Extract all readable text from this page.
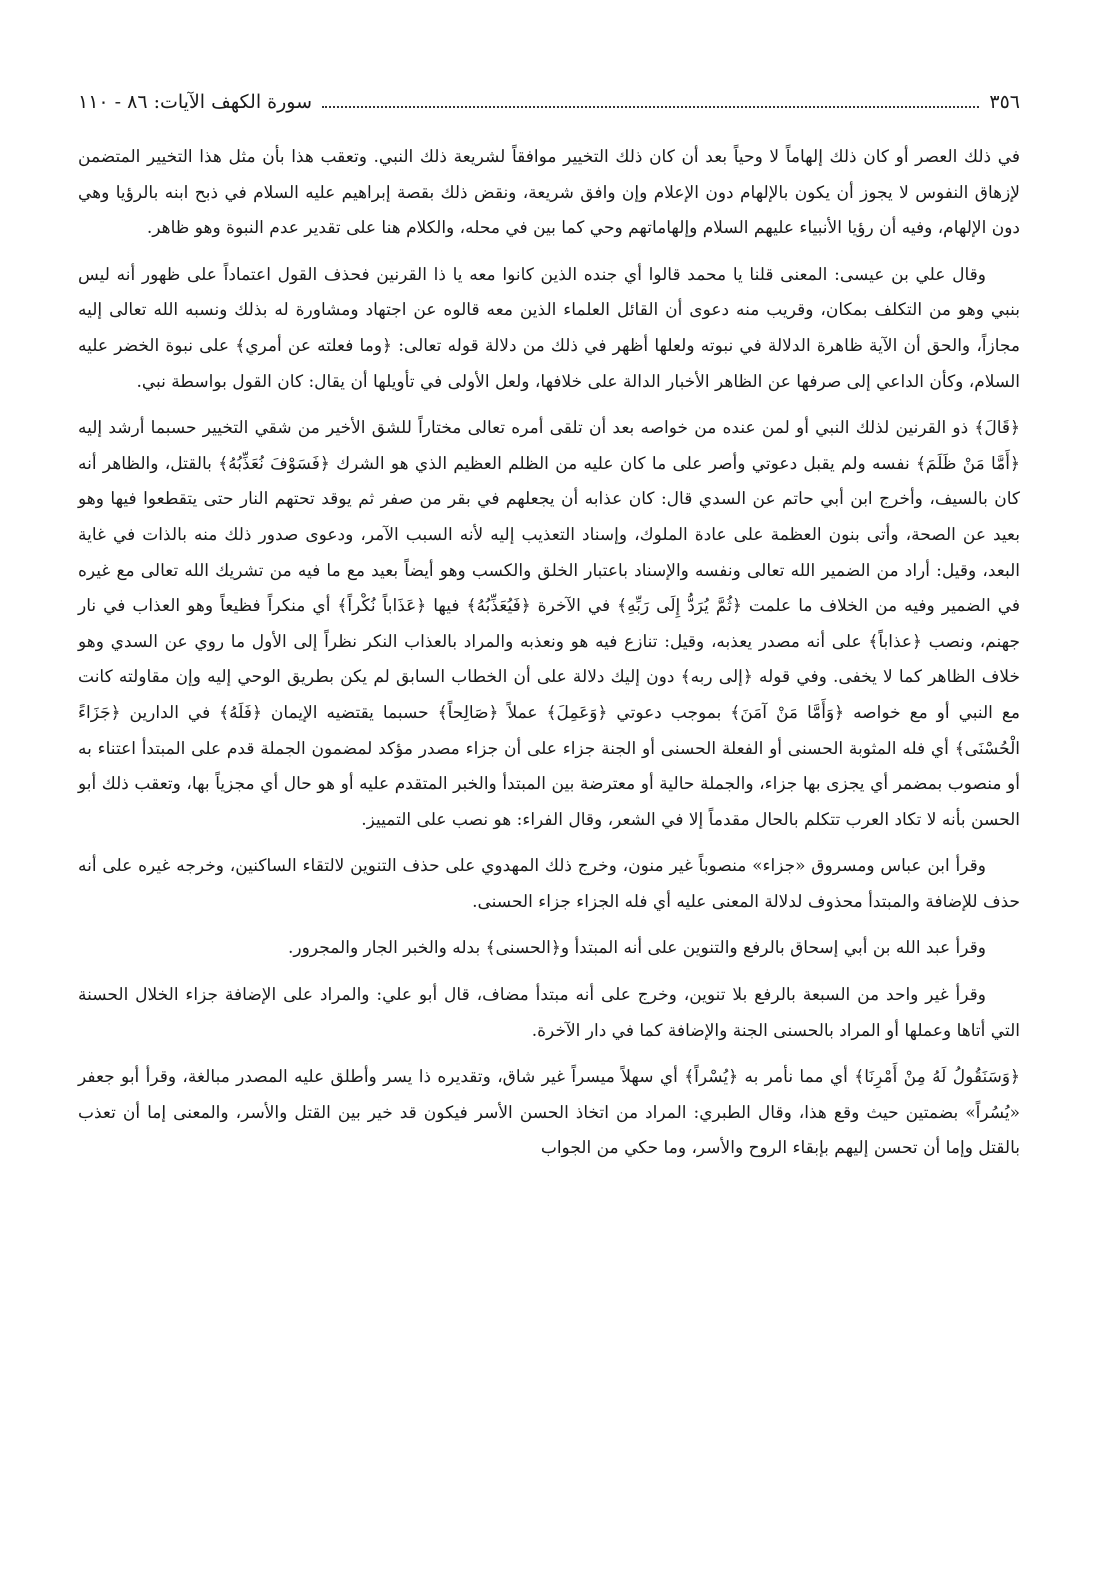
٣٥٦
سورة الكهف الآيات: ٨٦ - ١١٠

في ذلك العصر أو كان ذلك إلهاماً لا وحياً بعد أن كان ذلك التخيير موافقاً لشريعة ذلك النبي. وتعقب هذا بأن مثل هذا التخيير المتضمن لإزهاق النفوس لا يجوز أن يكون بالإلهام دون الإعلام وإن وافق شريعة، ونقض ذلك بقصة إبراهيم عليه السلام في ذبح ابنه بالرؤيا وهي دون الإلهام، وفيه أن رؤيا الأنبياء عليهم السلام وإلهاماتهم وحي كما بين في محله، والكلام هنا على تقدير عدم النبوة وهو ظاهر.

وقال علي بن عيسى: المعنى قلنا يا محمد قالوا أي جنده الذين كانوا معه يا ذا القرنين فحذف القول اعتماداً على ظهور أنه ليس بنبي وهو من التكلف بمكان، وقريب منه دعوى أن القائل العلماء الذين معه قالوه عن اجتهاد ومشاورة له بذلك ونسبه الله تعالى إليه مجازاً، والحق أن الآية ظاهرة الدلالة في نبوته ولعلها أظهر في ذلك من دلالة قوله تعالى: ﴿وما فعلته عن أمري﴾ على نبوة الخضر عليه السلام، وكأن الداعي إلى صرفها عن الظاهر الأخبار الدالة على خلافها، ولعل الأولى في تأويلها أن يقال: كان القول بواسطة نبي.

﴿قَالَ﴾ ذو القرنين لذلك النبي أو لمن عنده من خواصه بعد أن تلقى أمره تعالى مختاراً للشق الأخير من شقي التخيير حسبما أرشد إليه ﴿أَمَّا مَنْ ظَلَمَ﴾ نفسه ولم يقبل دعوتي وأصر على ما كان عليه من الظلم العظيم الذي هو الشرك ﴿فَسَوْفَ نُعَذِّبُهُ﴾ بالقتل، والظاهر أنه كان بالسيف، وأخرج ابن أبي حاتم عن السدي قال: كان عذابه أن يجعلهم في بقر من صفر ثم يوقد تحتهم النار حتى يتقطعوا فيها وهو بعيد عن الصحة، وأتى بنون العظمة على عادة الملوك، وإسناد التعذيب إليه لأنه السبب الآمر، ودعوى صدور ذلك منه بالذات في غاية البعد، وقيل: أراد من الضمير الله تعالى ونفسه والإسناد باعتبار الخلق والكسب وهو أيضاً بعيد مع ما فيه من تشريك الله تعالى مع غيره في الضمير وفيه من الخلاف ما علمت ﴿ثُمَّ يُرَدُّ إِلَى رَبِّهِ﴾ في الآخرة ﴿فَيُعَذِّبُهُ﴾ فيها ﴿عَذَاباً نُكْراً﴾ أي منكراً فظيعاً وهو العذاب في نار جهنم، ونصب ﴿عذاباً﴾ على أنه مصدر يعذبه، وقيل: تنازع فيه هو ونعذبه والمراد بالعذاب النكر نظراً إلى الأول ما روي عن السدي وهو خلاف الظاهر كما لا يخفى. وفي قوله ﴿إلى ربه﴾ دون إليك دلالة على أن الخطاب السابق لم يكن بطريق الوحي إليه وإن مقاولته كانت مع النبي أو مع خواصه ﴿وَأَمَّا مَنْ آمَنَ﴾ بموجب دعوتي ﴿وَعَمِلَ﴾ عملاً ﴿صَالِحاً﴾ حسبما يقتضيه الإيمان ﴿فَلَهُ﴾ في الدارين ﴿جَزَاءً الْحُسْنَى﴾ أي فله المثوبة الحسنى أو الفعلة الحسنى أو الجنة جزاء على أن جزاء مصدر مؤكد لمضمون الجملة قدم على المبتدأ اعتناء به أو منصوب بمضمر أي يجزى بها جزاء، والجملة حالية أو معترضة بين المبتدأ والخبر المتقدم عليه أو هو حال أي مجزياً بها، وتعقب ذلك أبو الحسن بأنه لا تكاد العرب تتكلم بالحال مقدماً إلا في الشعر، وقال الفراء: هو نصب على التمييز.

وقرأ ابن عباس ومسروق «جزاء» منصوباً غير منون، وخرج ذلك المهدوي على حذف التنوين لالتقاء الساكنين، وخرجه غيره على أنه حذف للإضافة والمبتدأ محذوف لدلالة المعنى عليه أي فله الجزاء جزاء الحسنى.

وقرأ عبد الله بن أبي إسحاق بالرفع والتنوين على أنه المبتدأ و﴿الحسنى﴾ بدله والخبر الجار والمجرور.

وقرأ غير واحد من السبعة بالرفع بلا تنوين، وخرج على أنه مبتدأ مضاف، قال أبو علي: والمراد على الإضافة جزاء الخلال الحسنة التي أتاها وعملها أو المراد بالحسنى الجنة والإضافة كما في دار الآخرة.

﴿وَسَنَقُولُ لَهُ مِنْ أَمْرِنَا﴾ أي مما نأمر به ﴿يُسْراً﴾ أي سهلاً ميسراً غير شاق، وتقديره ذا يسر وأطلق عليه المصدر مبالغة، وقرأ أبو جعفر «يُسُراً» بضمتين حيث وقع هذا، وقال الطبري: المراد من اتخاذ الحسن الأسر فيكون قد خير بين القتل والأسر، والمعنى إما أن تعذب بالقتل وإما أن تحسن إليهم بإبقاء الروح والأسر، وما حكي من الجواب
